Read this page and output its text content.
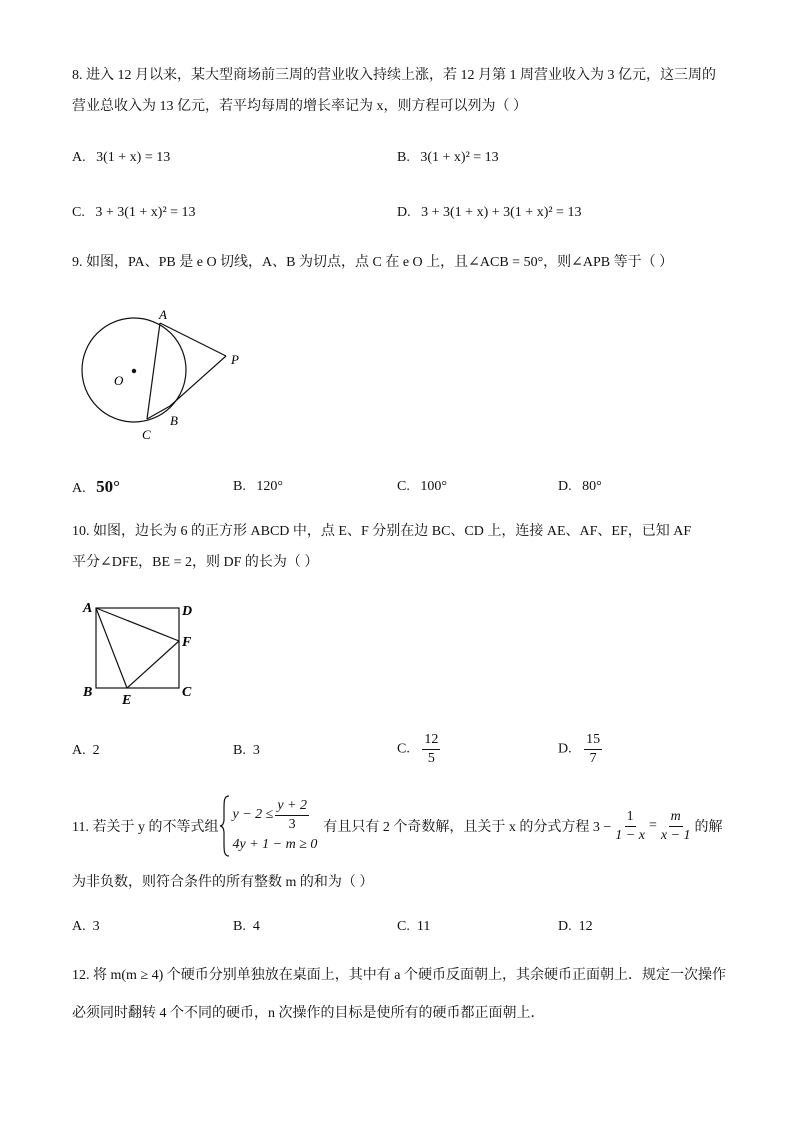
8. 进入 12 月以来，某大型商场前三周的营业收入持续上涨，若 12 月第 1 周营业收入为 3 亿元，这三周的
营业总收入为 13 亿元，若平均每周的增长率记为 x，则方程可以列为（ ）
A. 3(1 + x) = 13	B. 3(1 + x)² = 13
C. 3 + 3(1 + x)² = 13	D. 3 + 3(1 + x) + 3(1 + x)² = 13
9. 如图，PA、PB 是 e O 切线，A、B 为切点，点 C 在 e O 上，且∠ACB = 50°，则∠APB 等于（ ）
A
P
O
B
C
A. 50°	B. 120°	C. 100°	D. 80°
10. 如图，边长为 6 的正方形 ABCD 中，点 E、F 分别在边 BC、CD 上，连接 AE、AF、EF，已知 AF
平分∠DFE，BE = 2，则 DF 的长为（ ）
A	D
F
B
E
C
A. 2	B. 3	C. $\frac{12}{5}$	D. $\frac{15}{7}$
11. 若关于 y 的不等式组
$y - 2 \le \frac{y + 2}{3}$
4y + 1 − m ≥ 0
有且只有 2 个奇数解，且关于 x 的分式方程 $3 - \frac{1}{1 - x} = \frac{m}{x - 1}$ 的解
为非负数，则符合条件的所有整数 m 的和为（ ）
A. 3	B. 4	C. 11	D. 12
12. 将 m(m ≥ 4) 个硬币分别单独放在桌面上，其中有 a 个硬币反面朝上，其余硬币正面朝上．规定一次操作
必须同时翻转 4 个不同的硬币，n 次操作的目标是使所有的硬币都正面朝上．
